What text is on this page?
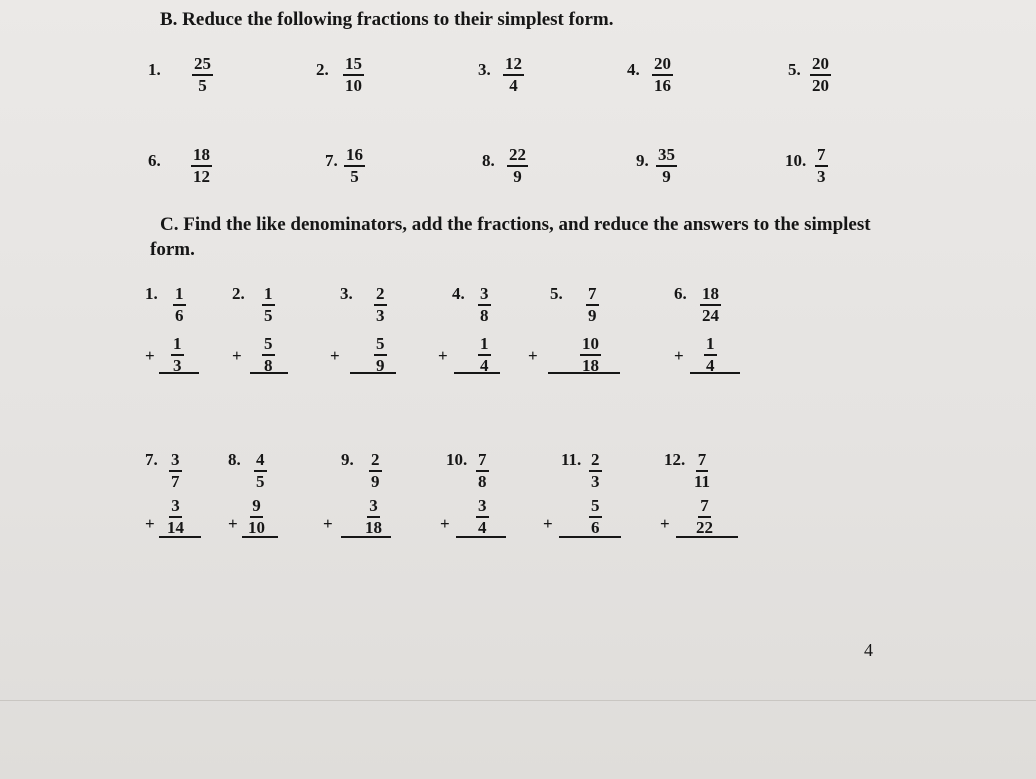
B. Reduce the following fractions to their simplest form.
1. $\frac{25}{5}$	2. $\frac{15}{10}$	3. $\frac{12}{4}$	4. $\frac{20}{16}$	5. $\frac{20}{20}$
6. $\frac{18}{12}$	7. $\frac{16}{5}$	8. $\frac{22}{9}$	9. $\frac{35}{9}$	10. $\frac{7}{3}$
C. Find the like denominators, add the fractions, and reduce the answers to the simplest
form.
1. $\frac{1}{6}$
+ $\frac{1}{3}$
2. $\frac{1}{5}$
+ $\frac{5}{8}$
3. $\frac{2}{3}$
+ $\frac{5}{9}$
4. $\frac{3}{8}$
+ $\frac{1}{4}$
5. $\frac{7}{9}$
+ $\frac{10}{18}$
6. $\frac{18}{24}$
+ $\frac{1}{4}$
7. $\frac{3}{7}$
+ $\frac{3}{14}$
8. $\frac{4}{5}$
+ $\frac{9}{10}$
9. $\frac{2}{9}$
+ $\frac{3}{18}$
10. $\frac{7}{8}$
+ $\frac{3}{4}$
11. $\frac{2}{3}$
+ $\frac{5}{6}$
12. $\frac{7}{11}$
+ $\frac{7}{22}$
4
